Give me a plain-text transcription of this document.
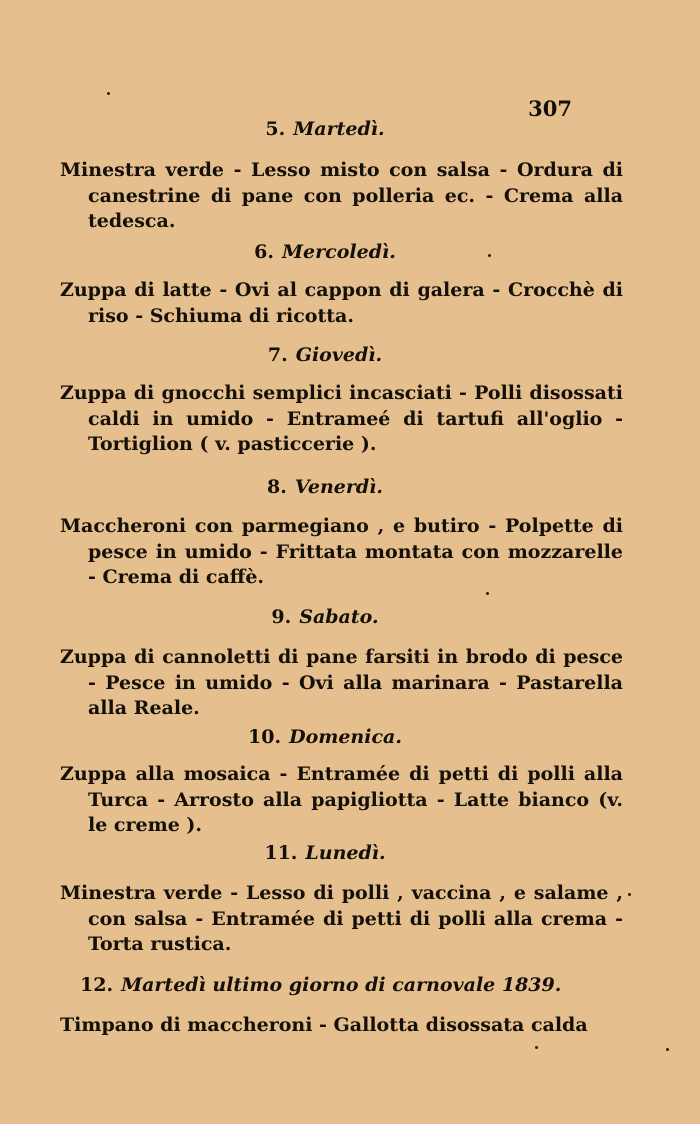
307
5. Martedì.
Minestra verde - Lesso misto con salsa - Ordura di canestrine di pane con polleria ec. - Crema alla tedesca.
6. Mercoledì.
Zuppa di latte - Ovi al cappon di galera - Crocchè di riso - Schiuma di ricotta.
7. Giovedì.
Zuppa di gnocchi semplici incasciati - Polli disossati caldi in umido - Entrameé di tartufi all'oglio - Tortiglion ( v. pasticcerie ).
8. Venerdì.
Maccheroni con parmegiano , e butiro - Polpette di pesce in umido - Frittata montata con mozzarelle - Crema di caffè.
9. Sabato.
Zuppa di cannoletti di pane farsiti in brodo di pesce - Pesce in umido - Ovi alla marinara - Pastarella alla Reale.
10. Domenica.
Zuppa alla mosaica - Entramée di petti di polli alla Turca - Arrosto alla papigliotta - Latte bianco (v. le creme ).
11. Lunedì.
Minestra verde - Lesso di polli , vaccina , e salame , con salsa - Entramée di petti di polli alla crema - Torta rustica.
12. Martedì ultimo giorno di carnovale 1839.
Timpano di maccheroni - Gallotta disossata calda
